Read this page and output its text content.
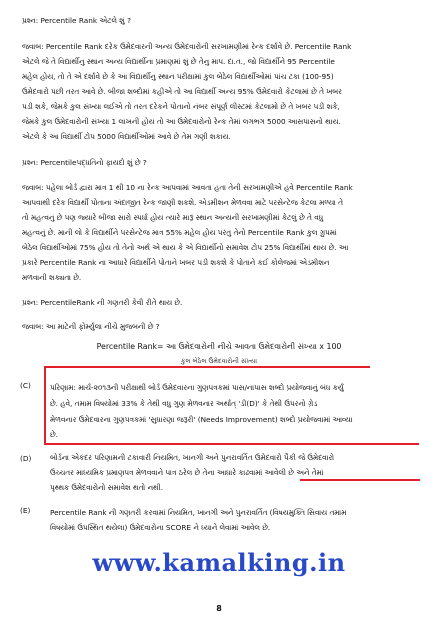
પ્રશ્ન: Percentile Rank એટલે શું ?
જવાબ: Percentile Rank દરેક ઉમેદવારની અન્ય ઉમેદવારોની સરખામણીમાં રેન્ક દર્શાવે છે. Percentile Rank
એટલે જે તે વિદ્યાર્થીનુ સ્થાન અન્ય વિદ્યાર્થીના પ્રમાણમાં શું છે તેનુ માપ. દા.ત., જો વિદ્યાર્થીને 95 Percentile
મહેલ હોય, તો તે એ દર્શાવે છે કે આ વિદ્યાર્થીનુ સ્થાન પરીક્ષામાં કુલ બેઠેલ વિદ્યાર્થીઓમાં પાંચ ટકા (100-95)
ઉમેદવારો પછી તરત આવે છે. બીજા શબ્દોમાં કહીએ તો આ વિદ્યાર્થી અન્ય 95% ઉમેદવારો કેટલામાં છે તે ખબર
પડી શકે, જેમકે કુલ સંખ્યા લઈએ તો તરત દરેકને પોતાનો નંબર સંપૂર્ણ લીસ્ટમાં કેટલામો છે તે ખબર પડી શકે,
જેમકે કુલ ઉમેદવારોની સંખ્યા 1 લાખની હોય તો આ ઉમેદવારોનો રેન્ક તેમાં લગભગ 5000 આસપાસનો થાય.
એટલે કે આ વિદ્યાર્થી ટોપ 5000 વિદ્યાર્થીઓમાં આવે છે તેમ ગણી શકાય.
પ્રશ્ન: Percentileપદ્ધતિનો ફાયદો શું છે ?
જવાબ: પહેલા બોર્ડ દ્વારા માત્ર 1 થી 10 ના રેન્ક આપવામાં આવતા હતા તેની સરખામણીએ હવે Percentile Rank
આપવાથી દરેક વિદ્યાર્થી પોતાના અંદાજીત રેન્ક જાણી શકશે. એડમીશન મેળવવા માટે પરસેન્ટેજ કેટલા મળ્યા તે
તો મહત્વનું છે પણ જ્યારે બીજા સારો સ્પર્ધા હોય ત્યારે મારૂં સ્થાન અન્યની સરખામણીમાં કેટલું છે તે વધુ
મહત્વનું છે. માની લો કે વિદ્યાર્થીને પરસેન્ટેજ માત્ર 55% મહેલ હોય પરંતુ તેનો Percentile Rank કુલ ગ્રુપમાં
બેઠેલ વિદ્યાર્થીઓમાં 75% હોય તો તેનો અર્થ એ થાય કે એ વિદ્યાર્થીનો સમાવેશ ટોપ 25% વિદ્યાર્થીમાં થાય છે. આ
પ્રકારે Percentile Rank ના આધારે વિદ્યાર્થીને પોતાને ખબર પડી શકશે કે પોતાને કઈ કોલેજમાં એડમીશન
મળવાની શક્યતા છે.
પ્રશ્ન: PercentileRank ની ગણતરી કેવી રીતે થાય છે.
જવાબ: આ માટેની ફોર્મ્યુલા નીચે મુજબની છે ?
Percentile Rank= આ ઉમેદવારોની નીચે આવતા ઉમેદવારોની સંખ્યા x 100
કુલ બેઠેલ ઉમેદવારોની સંખ્યા
(C)	પરિણામ: માર્ચ-૨૦૧૩ની પરીક્ષાથી બોર્ડ ઉમેદવારના ગુણપત્રકમાં પાસ/નાપાસ શબ્દો પ્રયોજવાનું બંધ કર્યું
છે. હવે, તમામ વિષયોમાં 33% કે તેથી વધુ ગુણ મેળવનાર અર્થાત્ 'ડી(D)' કે તેથી ઉપરનો ગ્રેડ
મેળવનાર ઉમેદવારના ગુણપત્રકમાં 'સુધારણા જરૂરી' (Needs Improvement) શબ્દો પ્રયોજવામાં આવ્યા
છે.
(D)	બોર્ડના એકંદર પરિણામની ટકાવારી નિયમિત, ખાનગી અને પુનરાવર્તિત ઉમેદવારો પૈકી જે ઉમેદવારો
ઉચ્ચતર માધ્યમિક પ્રમાણપત્ર મેળવવાને પાત્ર ઠરેલ છે તેના આધારે કાઢવામાં આવેલી છે અને તેમાં
પૃથ્થક ઉમેદવારોનો સમાવેશ થતો નથી.
(E)	Percentile Rank ની ગણતરી કરવામાં નિયમિત, ખાનગી અને પુનરાવર્તિત (વિષયમુક્તિ સિવાય તમામ
વિષયોમાં ઉપસ્થિત થયેલા) ઉમેદવારોના SCORE ને ધ્યાને લેવામાં આવેલ છે.
www.kamalking.in
8
